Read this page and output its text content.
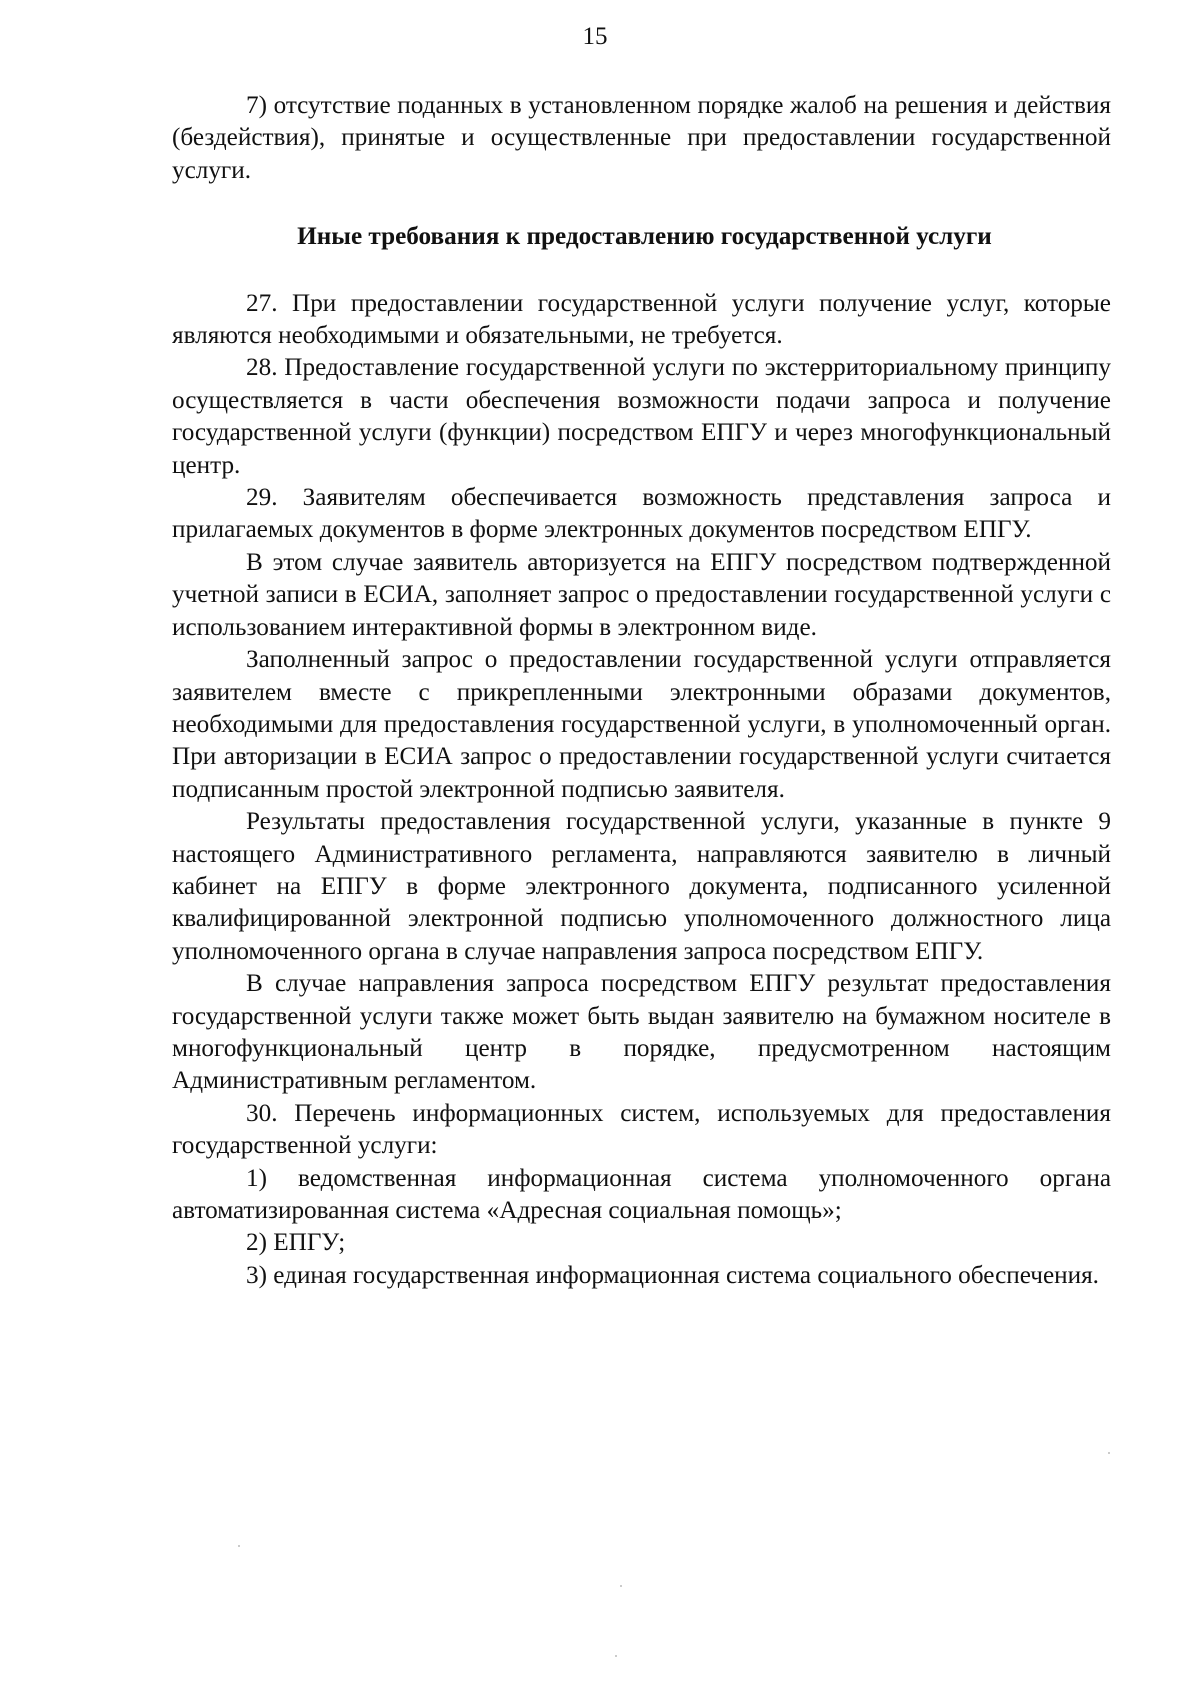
15

7) отсутствие поданных в установленном порядке жалоб на решения и действия (бездействия), принятые и осуществленные при предоставлении государственной услуги.

Иные требования к предоставлению государственной услуги

27. При предоставлении государственной услуги получение услуг, которые являются необходимыми и обязательными, не требуется.

28. Предоставление государственной услуги по экстерриториальному принципу осуществляется в части обеспечения возможности подачи запроса и получение государственной услуги (функции) посредством ЕПГУ и через многофункциональный центр.

29. Заявителям обеспечивается возможность представления запроса и прилагаемых документов в форме электронных документов посредством ЕПГУ.

В этом случае заявитель авторизуется на ЕПГУ посредством подтвержденной учетной записи в ЕСИА, заполняет запрос о предоставлении государственной услуги с использованием интерактивной формы в электронном виде.

Заполненный запрос о предоставлении государственной услуги отправляется заявителем вместе с прикрепленными электронными образами документов, необходимыми для предоставления государственной услуги, в уполномоченный орган. При авторизации в ЕСИА запрос о предоставлении государственной услуги считается подписанным простой электронной подписью заявителя.

Результаты предоставления государственной услуги, указанные в пункте 9 настоящего Административного регламента, направляются заявителю в личный кабинет на ЕПГУ в форме электронного документа, подписанного усиленной квалифицированной электронной подписью уполномоченного должностного лица уполномоченного органа в случае направления запроса посредством ЕПГУ.

В случае направления запроса посредством ЕПГУ результат предоставления государственной услуги также может быть выдан заявителю на бумажном носителе в многофункциональный центр в порядке, предусмотренном настоящим Административным регламентом.

30. Перечень информационных систем, используемых для предоставления государственной услуги:

1) ведомственная информационная система уполномоченного органа автоматизированная система «Адресная социальная помощь»;

2) ЕПГУ;

3) единая государственная информационная система социального обеспечения.
